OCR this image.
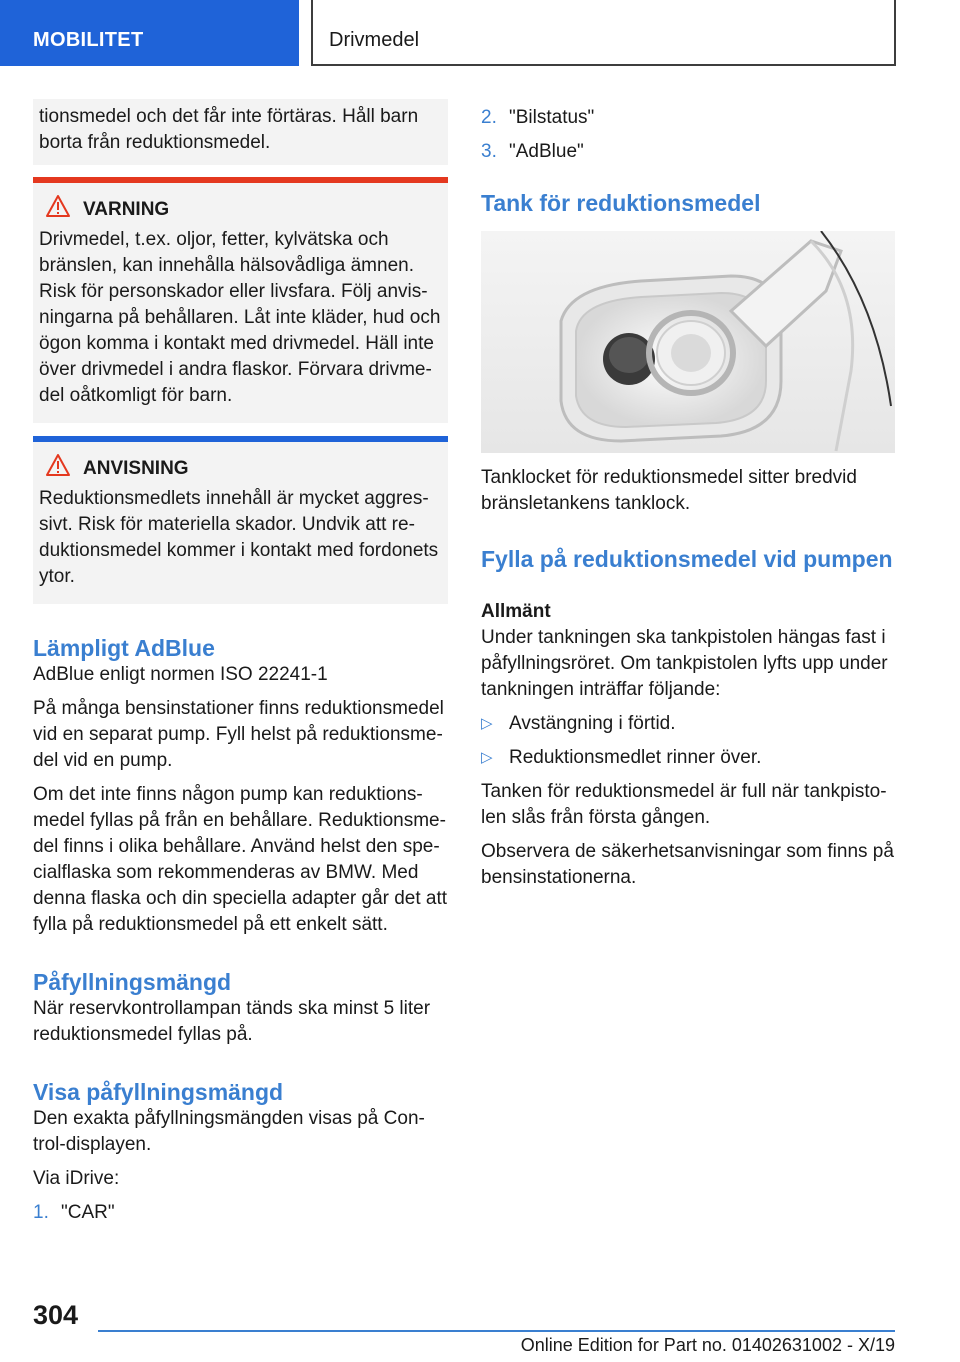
MOBILITET	Drivmedel

tionsmedel och det får inte förtäras. Håll barn borta från reduktionsmedel.

VARNING

Drivmedel, t.ex. oljor, fetter, kylvätska och bränslen, kan innehålla hälsovådliga ämnen. Risk för personskador eller livsfara. Följ anvisningarna på behållaren. Låt inte kläder, hud och ögon komma i kontakt med drivmedel. Häll inte över drivmedel i andra flaskor. Förvara drivmedel oåtkomligt för barn.

ANVISNING

Reduktionsmedlets innehåll är mycket aggressivt. Risk för materiella skador. Undvik att reduktionsmedel kommer i kontakt med fordonets ytor.

Lämpligt AdBlue

AdBlue enligt normen ISO 22241-1

På många bensinstationer finns reduktionsmedel vid en separat pump. Fyll helst på reduktionsmedel vid en pump.

Om det inte finns någon pump kan reduktionsmedel fyllas på från en behållare. Reduktionsmedel finns i olika behållare. Använd helst den specialflaska som rekommenderas av BMW. Med denna flaska och din speciella adapter går det att fylla på reduktionsmedel på ett enkelt sätt.

Påfyllningsmängd

När reservkontrollampan tänds ska minst 5 liter reduktionsmedel fyllas på.

Visa påfyllningsmängd

Den exakta påfyllningsmängden visas på Control-displayen.

Via iDrive:

1. "CAR"
2. "Bilstatus"
3. "AdBlue"
Tank för reduktionsmedel

Tanklocket för reduktionsmedel sitter bredvid bränsletankens tanklock.

Fylla på reduktionsmedel vid pumpen
Allmänt

Under tankningen ska tankpistolen hängas fast i påfyllningsröret. Om tankpistolen lyfts upp under tankningen inträffar följande:

▷ Avstängning i förtid.
▷ Reduktionsmedlet rinner över.

Tanken för reduktionsmedel är full när tankpistolen slås från första gången.

Observera de säkerhetsanvisningar som finns på bensinstationerna.

304
Online Edition for Part no. 01402631002 - X/19
